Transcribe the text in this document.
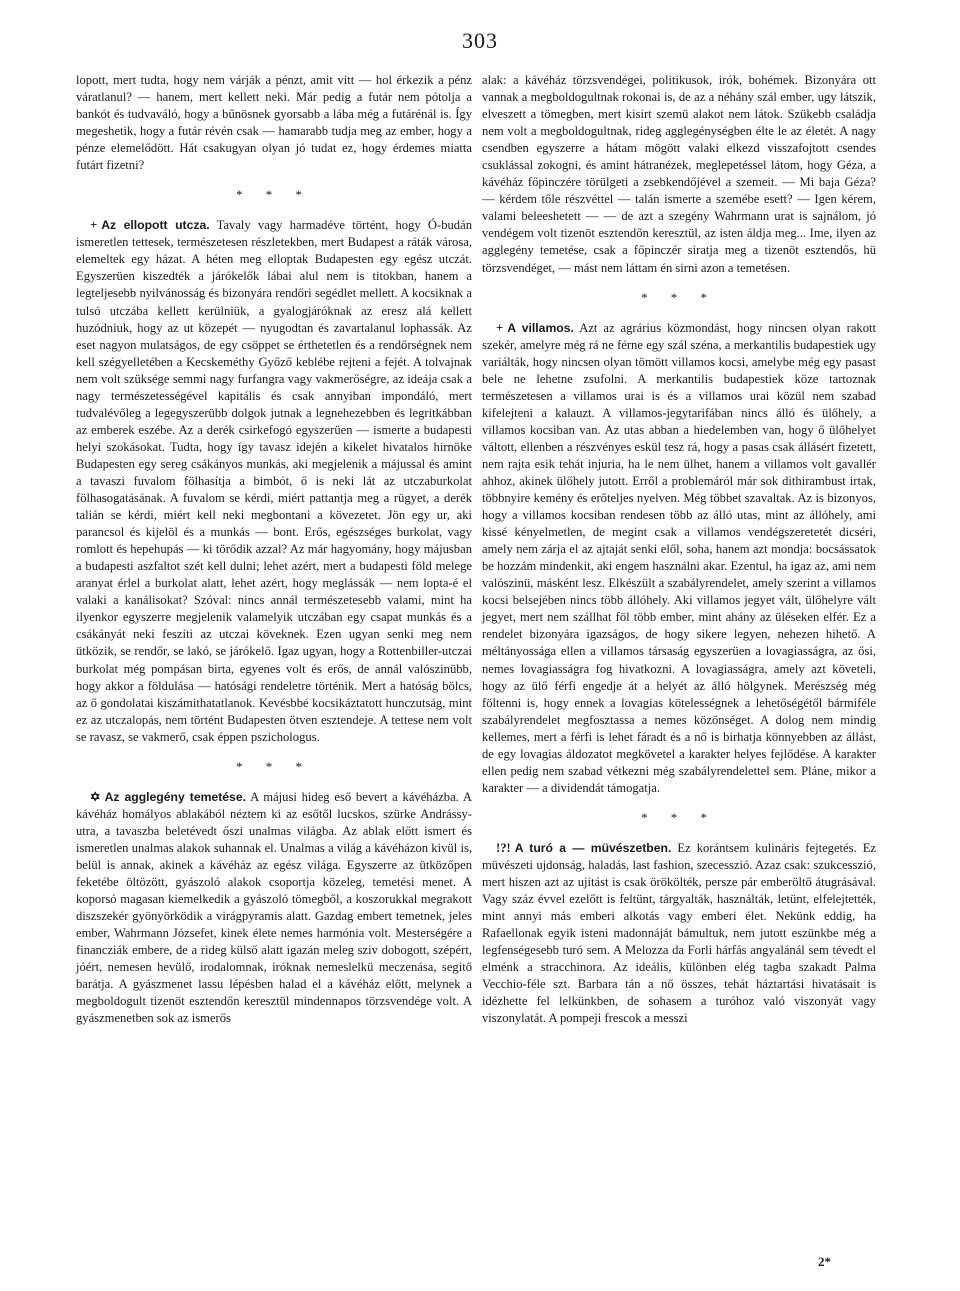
303

lopott, mert tudta, hogy nem várják a pénzt, amit vitt — hol érkezik a pénz váratlanul? — hanem, mert kellett neki. Már pedig a futár nem pótolja a bankót és tudvaváló, hogy a bűnösnek gyorsabb a lába még a futárénál is. Így megeshetik, hogy a futár révén csak — hamarabb tudja meg az ember, hogy a pénze elemelődött. Hát csakugyan olyan jó tudat ez, hogy érdemes miatta futárt fizetni?

* * *

+ Az ellopott utcza. Tavaly vagy harmadéve történt, hogy Ó-budán ismeretlen tettesek, természetesen részletekben, mert Budapest a ráták városa, elemeltek egy házat. A héten meg elloptak Budapesten egy egész utczát. Egyszerüen kiszedték a járókelők lábai alul nem is titokban, hanem a legteljesebb nyilvánosság és bizonyára rendőri segédlet mellett. A kocsiknak a tulsó utczába kellett kerülniük, a gyalogjáróknak az eresz alá kellett huzódniuk, hogy az ut közepét — nyugodtan és zavartalanul lophassák. Az eset nagyon mulatságos, de egy csöppet se érthetetlen és a rendőrségnek nem kell szégyelletében a Kecskeméthy Győző keblébe rejteni a fejét. A tolvajnak nem volt szüksége semmi nagy furfangra vagy vakmerőségre, az ideája csak a nagy természetességével kapitális és csak annyiban impondáló, mert tudvalévőleg a legegyszerübb dolgok jutnak a legnehezebben és legritkábban az emberek eszébe. Az a derék csirkefogó egyszerüen — ismerte a budapesti helyi szokásokat. Tudta, hogy így tavasz idején a kikelet hivatalos hirnöke Budapesten egy sereg csákányos munkás, aki megjelenik a májussal és amint a tavaszi fuvalom fölhasítja a bimbót, ő is neki lát az utczaburkolat fölhasogatásának. A fuvalom se kérdi, miért pattantja meg a rügyet, a derék talián se kérdi, miért kell neki megbontani a kövezetet. Jön egy ur, aki parancsol és kijelöl és a munkás — bont. Erős, egészséges burkolat, vagy romlott és hepehupás — ki törődik azzal? Az már hagyomány, hogy májusban a budapesti aszfaltot szét kell dulni; lehet azért, mert a budapesti föld melege aranyat érlel a burkolat alatt, lehet azért, hogy meglássák — nem lopta-é el valaki a kanálisokat? Szóval: nincs annál természetesebb valami, mint ha ilyenkor egyszerre megjelenik valamelyik utczában egy csapat munkás és a csákányát neki feszíti az utczai köveknek. Ezen ugyan senki meg nem ütközik, se rendőr, se lakó, se járókelő. Igaz ugyan, hogy a Rottenbiller-utczai burkolat még pompásan birta, egyenes volt és erős, de annál valószinübb, hogy akkor a földulása — hatósági rendeletre történik. Mert a hatóság bölcs, az ő gondolatai kiszámithatatlanok. Kevésbbé kocsikáztatott hunczutság, mint ez az utczalopás, nem történt Budapesten ötven esztendeje. A tettese nem volt se ravasz, se vakmerő, csak éppen pszichologus.

* * *

✡ Az agglegény temetése. A májusi hideg eső bevert a kávéházba. A kávéház homályos ablakából néztem ki az esőtől lucskos, szürke Andrássy-utra, a tavaszba beletévedt őszi unalmas világba. Az ablak előtt ismert és ismeretlen unalmas alakok suhannak el. Unalmas a világ a kávéházon kivül is, belül is annak, akinek a kávéház az egész világa. Egyszerre az ütközőpen feketébe öltözött, gyászoló alakok csoportja közeleg, temetési menet. A koporsó magasan kiemelkedik a gyászoló tömegből, a koszorukkal megrakott diszszekér gyönyörködik a virágpyramis alatt. Gazdag embert temetnek, jeles ember, Wahrmann Józsefet, kinek élete nemes harmónia volt. Mesterségére a financziák embere, de a rideg külső alatt igazán meleg sziv dobogott, szépért, jóért, nemesen hevülő, irodalomnak, iróknak nemeslelkü meczenása, segitő barátja. A gyászmenet lassu lépésben halad el a kávéház előtt, melynek a megboldogult tizenöt esztendőn keresztül mindennapos törzsvendége volt. A gyászmenetben sok az ismerős

alak: a kávéház törzsvendégei, politikusok, irók, bohémek. Bizonyára ott vannak a megboldogultnak rokonai is, de az a néhány szál ember, ugy látszik, elveszett a tömegben, mert kisirt szemü alakot nem látok. Szükebb családja nem volt a megboldogultnak, rideg agglegénységben élte le az életét. A nagy csendben egyszerre a hátam mögött valaki elkezd visszafojtott csendes csuklással zokogni, és amint hátranézek, meglepetéssel látom, hogy Géza, a kávéház főpinczére törülgeti a zsebkendőjével a szemeit. — Mi baja Géza? — kérdem tőle részvéttel — talán ismerte a szemébe esett? — Igen kérem, valami beleeshetett — — de azt a szegény Wahrmann urat is sajnálom, jó vendégem volt tizenöt esztendőn keresztül, az isten áldja meg... Ime, ilyen az agglegény temetése, csak a főpinczér siratja meg a tizenöt esztendős, hü törzsvendéget, — mást nem láttam én sirni azon a temetésen.

* * *

+ A villamos. Azt az agrárius közmondást, hogy nincsen olyan rakott szekér, amelyre még rá ne férne egy szál széna, a merkantilis budapestiek ugy variálták, hogy nincsen olyan tömött villamos kocsi, amelybe még egy pasast bele ne lehetne zsufolni. A merkantilis budapestiek köze tartoznak természetesen a villamos urai is és a villamos urai közül nem szabad kifelejteni a kalauzt. A villamos-jegytarifában nincs álló és ülőhely, a villamos kocsiban van. Az utas abban a hiedelemben van, hogy ő ülőhelyet váltott, ellenben a részvényes eskül tesz rá, hogy a pasas csak állásért fizetett, nem rajta esik tehát injuria, ha le nem ülhet, hanem a villamos volt gavallér ahhoz, akinek ülőhely jutott. Erről a problemáról már sok dithirambust irtak, többnyire kemény és erőteljes nyelven. Még többet szavaltak. Az is bizonyos, hogy a villamos kocsiban rendesen több az álló utas, mint az állóhely, ami kissé kényelmetlen, de megint csak a villamos vendégszeretetét dicséri, amely nem zárja el az ajtaját senki elől, soha, hanem azt mondja: bocsássatok be hozzám mindenkit, aki engem használni akar. Ezentul, ha igaz az, ami nem valószinü, másként lesz. Elkészült a szabályrendelet, amely szerint a villamos kocsi belsejében nincs több állóhely. Aki villamos jegyet vált, ülőhelyre vált jegyet, mert nem szállhat föl több ember, mint ahány az üléseken elfér. Ez a rendelet bizonyára igazságos, de hogy sikere legyen, nehezen hihető. A méltányossága ellen a villamos társaság egyszerüen a lovagiasságra, az ősi, nemes lovagiasságra fog hivatkozni. A lovagiasságra, amely azt követeli, hogy az ülő férfi engedje át a helyét az álló hölgynek. Merészség még föltenni is, hogy ennek a lovagias kötelességnek a lehetőségétől bármiféle szabályrendelet megfosztassa a nemes közönséget. A dolog nem mindig kellemes, mert a férfi is lehet fáradt és a nő is birhatja könnyebben az állást, de egy lovagias áldozatot megkövetel a karakter helyes fejlődése. A karakter ellen pedig nem szabad vétkezni még szabályrendelettel sem. Pláne, mikor a karakter — a dividendát támogatja.

* * *

!?! A turó a — müvészetben. Ez korántsem kulináris fejtegetés. Ez müvészeti ujdonság, haladás, last fashion, szecesszió. Azaz csak: szukcesszió, mert hiszen azt az ujitást is csak örökölték, persze pár emberöltő átugrásával. Vagy száz évvel ezelőtt is feltünt, tárgyalták, használták, letünt, elfelejtették, mint annyi más emberi alkotás vagy emberi élet. Nekünk eddig, ha Rafaellonak egyik isteni madonnáját bámultuk, nem jutott eszünkbe még a legfenségesebb turó sem. A Melozza da Forli hárfás angyalánál sem tévedt el elménk a stracchinora. Az ideális, különben elég tagba szakadt Palma Vecchio-féle szt. Barbara tán a nő összes, tehát háztartási hivatásait is idézhette fel lelkünkben, de sohasem a turóhoz való viszonyát vagy viszonylatát. A pompeji frescok a messzi

2*
